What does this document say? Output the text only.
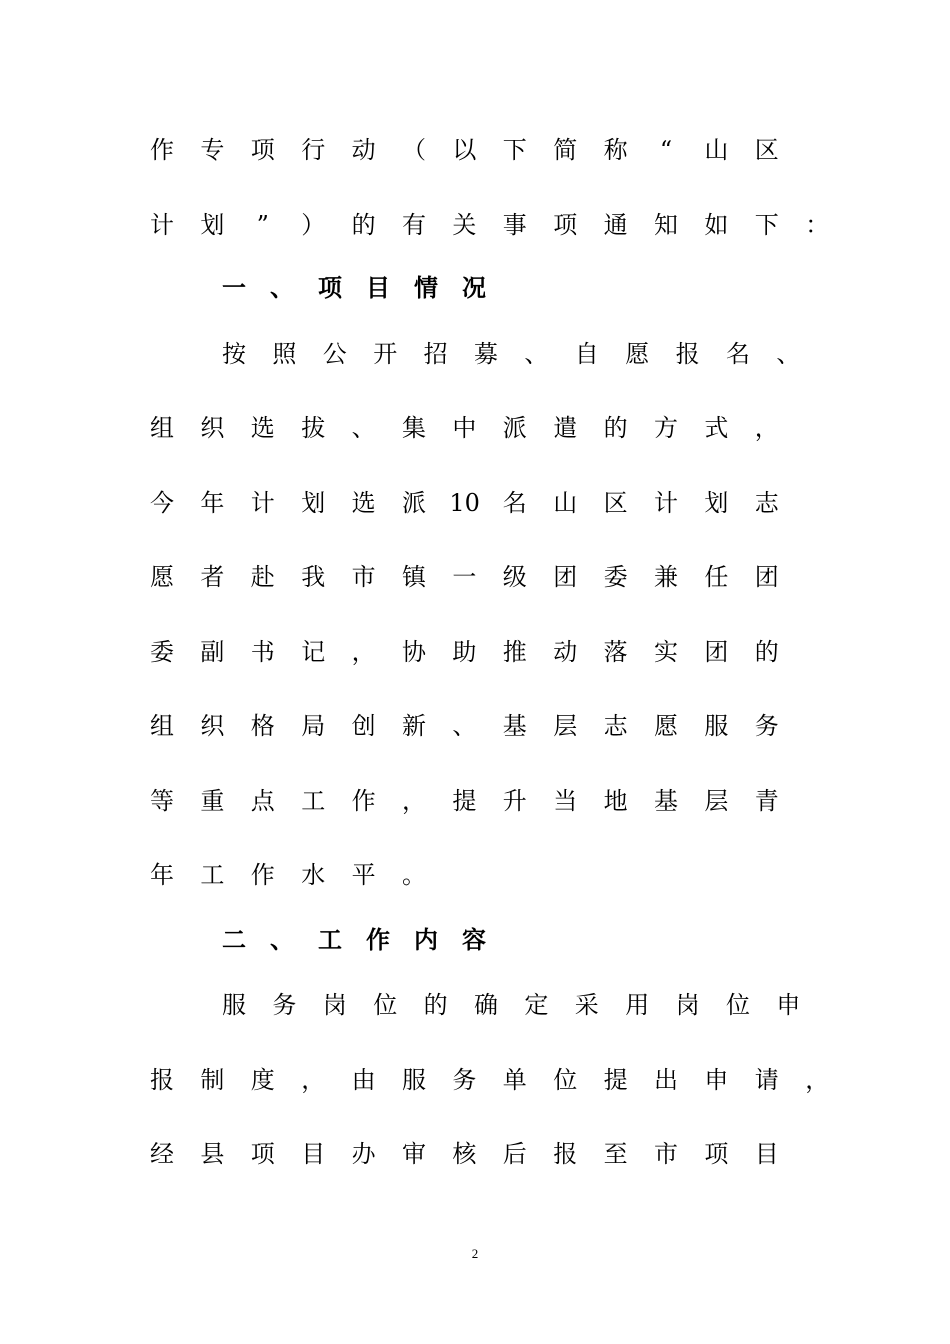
作 专 项 行 动 （ 以 下 简 称	“	山 区
计 划	”	） 的 有 关 事 项 通 知 如 下 ：
一 、 项 目 情 况
按 照 公 开 招 募 、 自 愿 报 名 、
组 织 选 拔 、 集 中 派 遣 的 方 式 ，
今 年 计 划 选 派 10 名 山 区 计 划 志
愿 者 赴 我 市 镇 一 级 团 委 兼 任 团
委 副 书 记 ， 协 助 推 动 落 实 团 的
组 织 格 局 创 新 、 基 层 志 愿 服 务
等 重 点 工 作 ， 提 升 当 地 基 层 青
年 工 作 水 平 。
二 、 工 作 内 容
服 务 岗 位 的 确 定 采 用 岗 位 申
报 制 度 ， 由 服 务 单 位 提 出 申 请 ，
经 县 项 目 办 审 核 后 报 至 市 项 目
2
